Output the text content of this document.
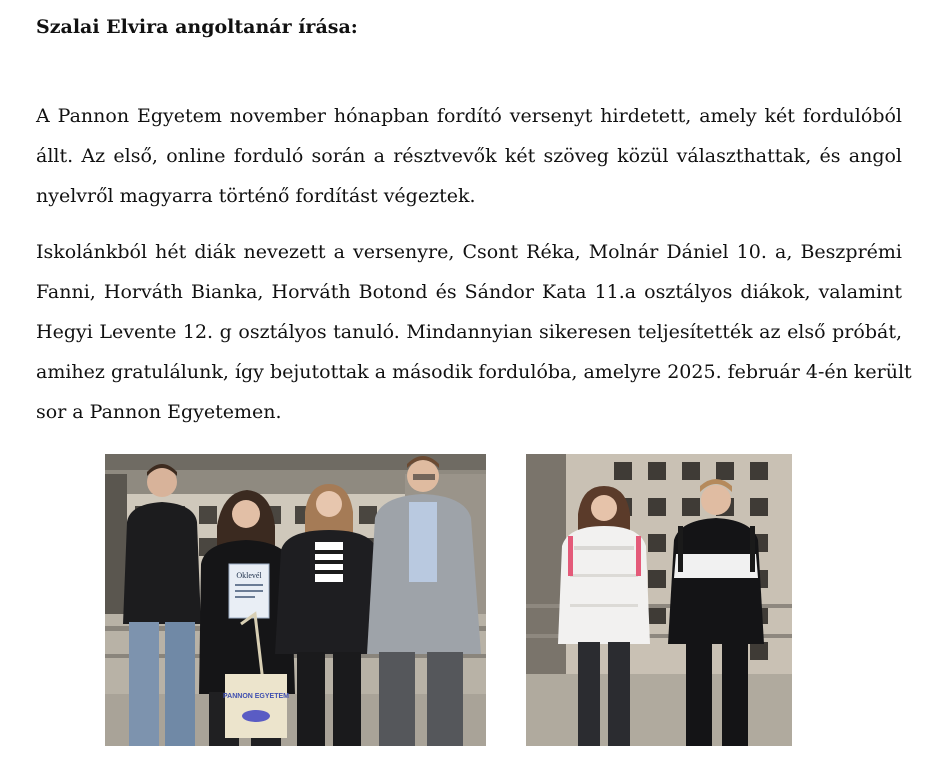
Szalai Elvira angoltanár írása:

A Pannon Egyetem november hónapban fordító versenyt hirdetett, amely két fordulóból
állt. Az első, online forduló során a résztvevők két szöveg közül választhattak, és angol
nyelvről magyarra történő fordítást végeztek.
Iskolánkból hét diák nevezett a versenyre, Csont Réka, Molnár Dániel 10. a, Beszprémi
Fanni, Horváth Bianka, Horváth Botond és Sándor Kata 11.a osztályos diákok, valamint
Hegyi Levente 12. g osztályos tanuló. Mindannyian sikeresen teljesítették az első próbát,
amihez gratulálunk, így bejutottak a második fordulóba, amelyre 2025. február 4-én került
sor a Pannon Egyetemen.
Oklevél
PANNON EGYETEM
